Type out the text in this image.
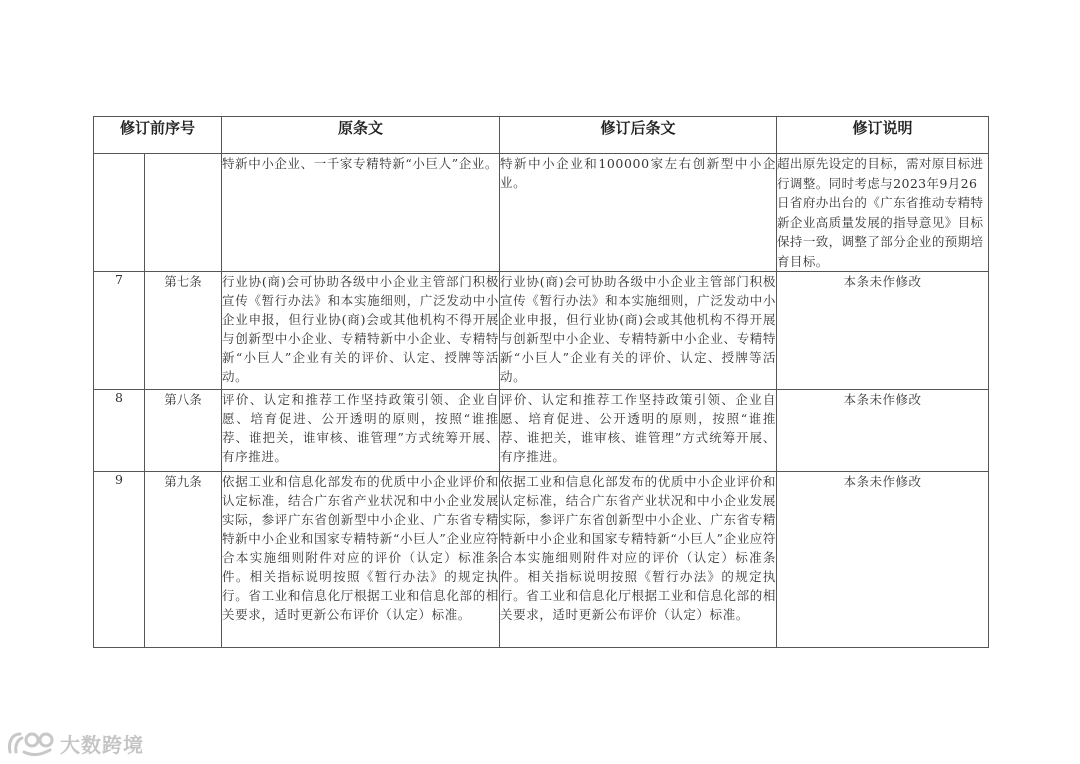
修订前序号		原条文	修订后条文	修订说明
		特新中小企业、一千家专精特新“小巨人”企业。	特新中小企业和100000家左右创新型中小企业。	超出原先设定的目标，需对原目标进行调整。同时考虑与2023年9月26日省府办出台的《广东省推动专精特新企业高质量发展的指导意见》目标保持一致，调整了部分企业的预期培育目标。
7	第七条	行业协(商)会可协助各级中小企业主管部门积极宣传《暂行办法》和本实施细则，广泛发动中小企业申报，但行业协(商)会或其他机构不得开展与创新型中小企业、专精特新中小企业、专精特新“小巨人”企业有关的评价、认定、授牌等活动。	行业协(商)会可协助各级中小企业主管部门积极宣传《暂行办法》和本实施细则，广泛发动中小企业申报，但行业协(商)会或其他机构不得开展与创新型中小企业、专精特新中小企业、专精特新“小巨人”企业有关的评价、认定、授牌等活动。	本条未作修改
8	第八条	评价、认定和推荐工作坚持政策引领、企业自愿、培育促进、公开透明的原则，按照“谁推荐、谁把关，谁审核、谁管理”方式统筹开展、有序推进。	评价、认定和推荐工作坚持政策引领、企业自愿、培育促进、公开透明的原则，按照“谁推荐、谁把关，谁审核、谁管理”方式统筹开展、有序推进。	本条未作修改
9	第九条	依据工业和信息化部发布的优质中小企业评价和认定标准，结合广东省产业状况和中小企业发展实际，参评广东省创新型中小企业、广东省专精特新中小企业和国家专精特新“小巨人”企业应符合本实施细则附件对应的评价（认定）标准条件。相关指标说明按照《暂行办法》的规定执行。省工业和信息化厅根据工业和信息化部的相关要求，适时更新公布评价（认定）标准。	依据工业和信息化部发布的优质中小企业评价和认定标准，结合广东省产业状况和中小企业发展实际，参评广东省创新型中小企业、广东省专精特新中小企业和国家专精特新“小巨人”企业应符合本实施细则附件对应的评价（认定）标准条件。相关指标说明按照《暂行办法》的规定执行。省工业和信息化厅根据工业和信息化部的相关要求，适时更新公布评价（认定）标准。	本条未作修改
大数跨境
